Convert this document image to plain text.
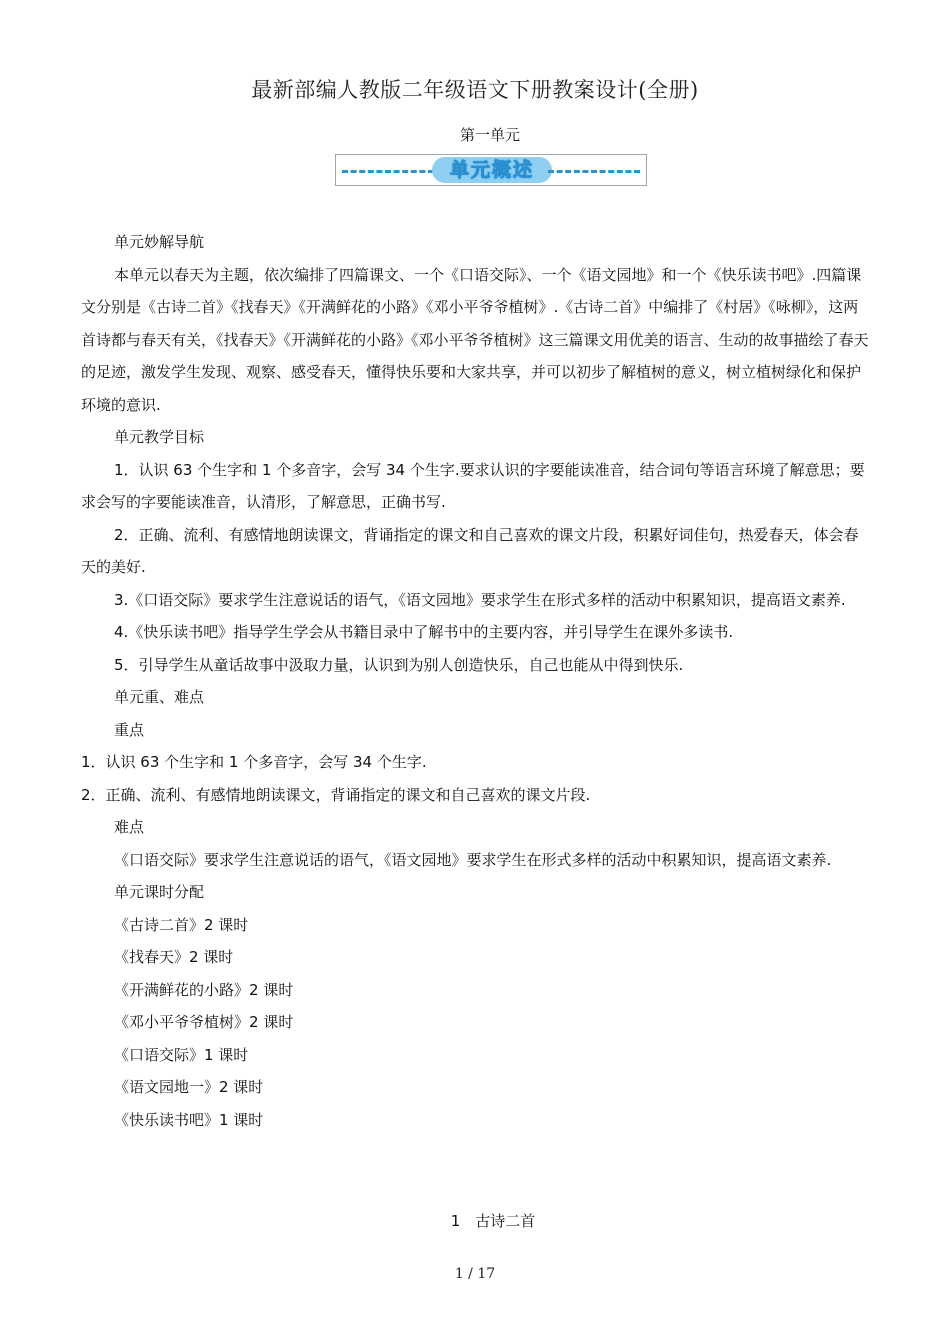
最新部编人教版二年级语文下册教案设计(全册)
第一单元
单元概述

单元妙解导航

本单元以春天为主题，依次编排了四篇课文、一个《口语交际》、一个《语文园地》和一个《快乐读书吧》.四篇课文分别是《古诗二首》《找春天》《开满鲜花的小路》《邓小平爷爷植树》.《古诗二首》中编排了《村居》《咏柳》，这两首诗都与春天有关，《找春天》《开满鲜花的小路》《邓小平爷爷植树》这三篇课文用优美的语言、生动的故事描绘了春天的足迹，激发学生发现、观察、感受春天，懂得快乐要和大家共享，并可以初步了解植树的意义，树立植树绿化和保护环境的意识.

单元教学目标

1．认识 63 个生字和 1 个多音字，会写 34 个生字.要求认识的字要能读准音，结合词句等语言环境了解意思；要求会写的字要能读准音，认清形，了解意思，正确书写.

2．正确、流利、有感情地朗读课文，背诵指定的课文和自己喜欢的课文片段，积累好词佳句，热爱春天，体会春天的美好.

3.《口语交际》要求学生注意说话的语气，《语文园地》要求学生在形式多样的活动中积累知识，提高语文素养.

4.《快乐读书吧》指导学生学会从书籍目录中了解书中的主要内容，并引导学生在课外多读书.

5．引导学生从童话故事中汲取力量，认识到为别人创造快乐，自己也能从中得到快乐.

单元重、难点

重点

1．认识 63 个生字和 1 个多音字，会写 34 个生字.

2．正确、流利、有感情地朗读课文，背诵指定的课文和自己喜欢的课文片段.

难点

《口语交际》要求学生注意说话的语气，《语文园地》要求学生在形式多样的活动中积累知识，提高语文素养.

单元课时分配

《古诗二首》2 课时

《找春天》2 课时

《开满鲜花的小路》2 课时

《邓小平爷爷植树》2 课时

《口语交际》1 课时

《语文园地一》2 课时

《快乐读书吧》1 课时

1　古诗二首
1 / 17
